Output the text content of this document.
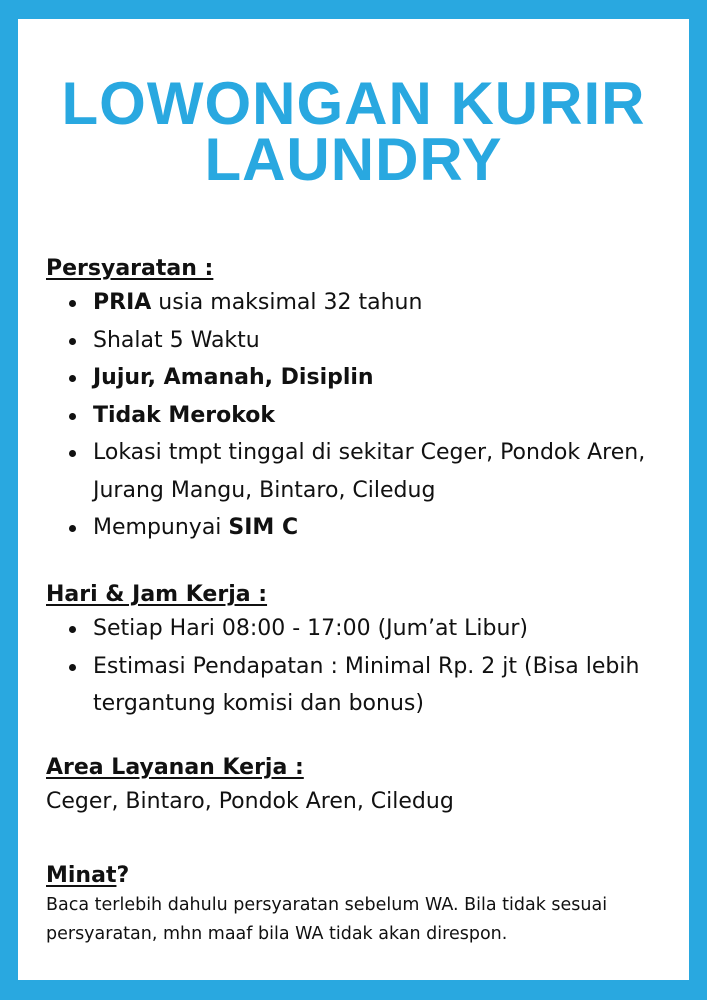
LOWONGAN KURIR
LAUNDRY
Persyaratan :
PRIA usia maksimal 32 tahun
Shalat 5 Waktu
Jujur, Amanah, Disiplin
Tidak Merokok
Lokasi tmpt tinggal di sekitar Ceger, Pondok Aren, Jurang Mangu, Bintaro, Ciledug
Mempunyai SIM C
Hari & Jam Kerja :
Setiap Hari 08:00 - 17:00 (Jum’at Libur)
Estimasi Pendapatan : Minimal Rp. 2 jt (Bisa lebih tergantung komisi dan bonus)
Area Layanan Kerja :
Ceger, Bintaro, Pondok Aren, Ciledug
Minat?
Baca terlebih dahulu persyaratan sebelum WA. Bila tidak sesuai persyaratan, mhn maaf bila WA tidak akan direspon.
